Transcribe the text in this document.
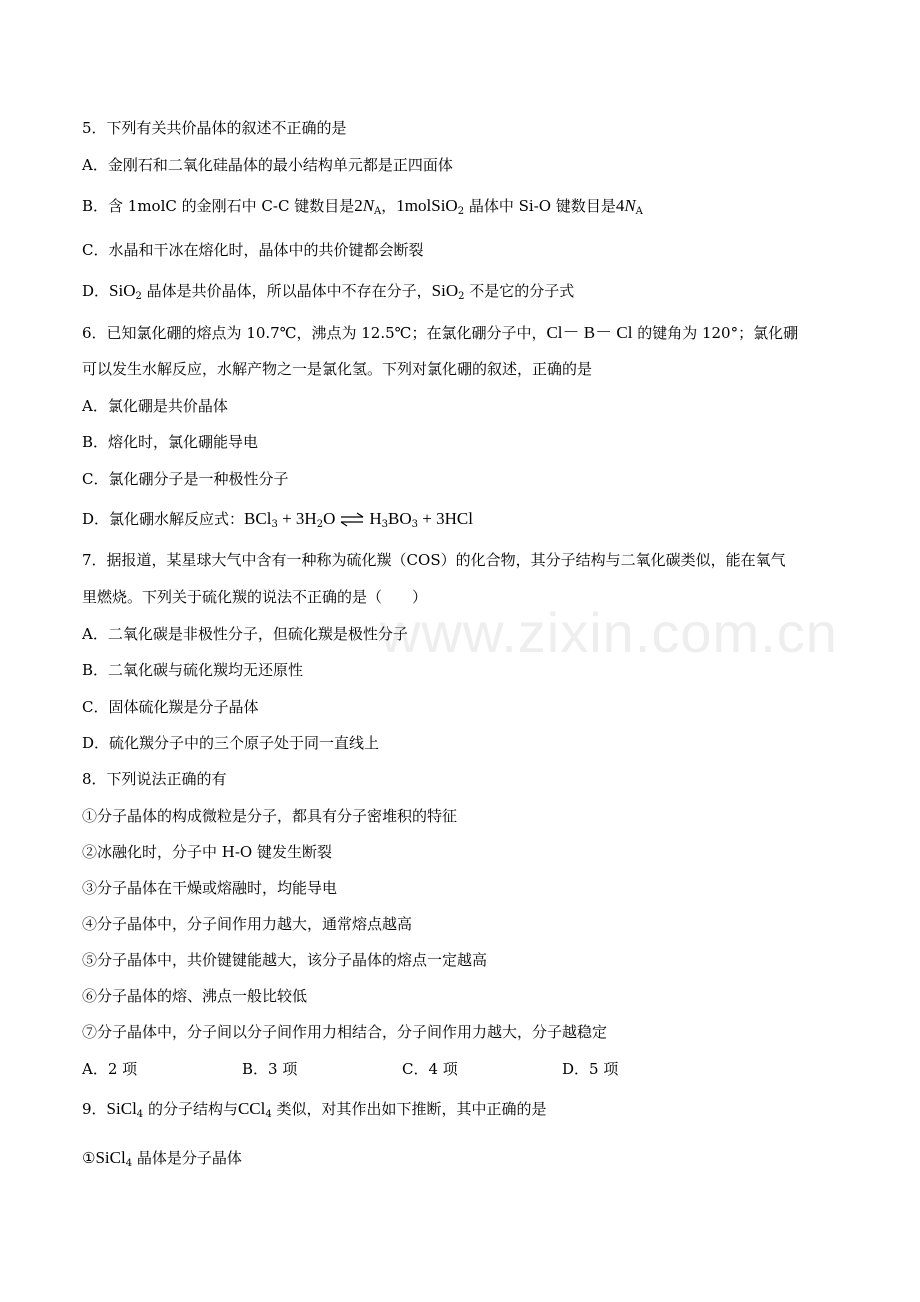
www.zixin.com.cn
5．下列有关共价晶体的叙述不正确的是
A．金刚石和二氧化硅晶体的最小结构单元都是正四面体
B．含 1molC 的金刚石中 C-C 键数目是$2N_A$，1molSiO$_2$ 晶体中 Si-O 键数目是$4N_A$
C．水晶和干冰在熔化时，晶体中的共价键都会断裂
D．SiO$_2$ 晶体是共价晶体，所以晶体中不存在分子，SiO$_2$ 不是它的分子式
6．已知氯化硼的熔点为 10.7℃，沸点为 12.5℃；在氯化硼分子中，Cl－ B－ Cl 的键角为 120°；氯化硼
可以发生水解反应，水解产物之一是氯化氢。下列对氯化硼的叙述，正确的是
A．氯化硼是共价晶体
B．熔化时，氯化硼能导电
C．氯化硼分子是一种极性分子
D．氯化硼水解反应式：$BCl_3 + 3H_2O$ ⇌ $H_3BO_3 + 3HCl$
7．据报道，某星球大气中含有一种称为硫化羰（COS）的化合物，其分子结构与二氧化碳类似，能在氧气
里燃烧。下列关于硫化羰的说法不正确的是（　　）
A．二氧化碳是非极性分子，但硫化羰是极性分子
B．二氧化碳与硫化羰均无还原性
C．固体硫化羰是分子晶体
D．硫化羰分子中的三个原子处于同一直线上
8．下列说法正确的有
①分子晶体的构成微粒是分子，都具有分子密堆积的特征
②冰融化时，分子中 H-O 键发生断裂
③分子晶体在干燥或熔融时，均能导电
④分子晶体中，分子间作用力越大，通常熔点越高
⑤分子晶体中，共价键键能越大，该分子晶体的熔点一定越高
⑥分子晶体的熔、沸点一般比较低
⑦分子晶体中，分子间以分子间作用力相结合，分子间作用力越大，分子越稳定
A．2 项	B．3 项	C．4 项	D．5 项
9．SiCl$_4$ 的分子结构与CCl$_4$ 类似，对其作出如下推断，其中正确的是
①SiCl$_4$ 晶体是分子晶体
